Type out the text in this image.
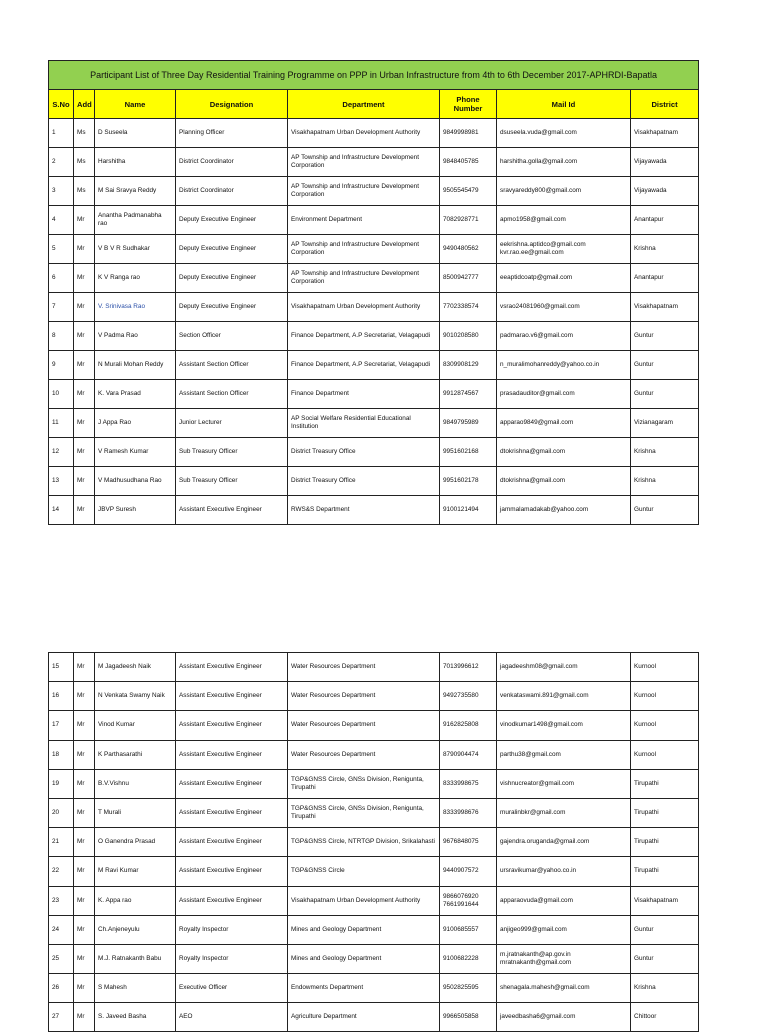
Participant List of Three Day Residential Training Programme on PPP in Urban Infrastructure from 4th to 6th December 2017-APHRDI-Bapatla							
S.No	Add	Name	Designation	Department	Phone Number	Mail Id	District
1	Ms	D Suseela	Planning Officer	Visakhapatnam Urban Development Authority	9849998981	dsuseela.vuda@gmail.com	Visakhapatnam
2	Ms	Harshitha	District Coordinator	AP Township and Infrastructure Development Corporation	9848405785	harshitha.golla@gmail.com	Vijayawada
3	Ms	M Sai Sravya Reddy	District Coordinator	AP Township and Infrastructure Development Corporation	9505545479	sravyareddy800@gmail.com	Vijayawada
4	Mr	Anantha Padmanabha rao	Deputy Executive Engineer	Environment Department	7082928771	apmo1958@gmail.com	Anantapur
5	Mr	V B V R Sudhakar	Deputy Executive Engineer	AP Township and Infrastructure Development Corporation	9490480562	eekrishna.aptidco@gmail.com kvr.rao.ee@gmail.com	Krishna
6	Mr	K V Ranga rao	Deputy Executive Engineer	AP Township and Infrastructure Development Corporation	8500942777	eeaptidcoatp@gmail.com	Anantapur
7	Mr	V. Srinivasa Rao	Deputy Executive Engineer	Visakhapatnam Urban Development Authority	7702338574	vsrao24081960@gmail.com	Visakhapatnam
8	Mr	V Padma Rao	Section Officer	Finance Department, A.P Secretariat, Velagapudi	9010208580	padmarao.v6@gmail.com	Guntur
9	Mr	N Murali Mohan Reddy	Assistant Section Officer	Finance Department, A.P Secretariat, Velagapudi	8309908129	n_muralimohanreddy@yahoo.co.in	Guntur
10	Mr	K. Vara Prasad	Assistant Section Officer	Finance Department	9912874567	prasadauditor@gmail.com	Guntur
11	Mr	J Appa Rao	Junior Lecturer	AP Social Welfare Residential Educational Institution	9849795989	apparao9849@gmail.com	Vizianagaram
12	Mr	V Ramesh Kumar	Sub Treasury Officer	District Treasury Office	9951602168	dtokrishna@gmail.com	Krishna
13	Mr	V Madhusudhana Rao	Sub Treasury Officer	District Treasury Office	9951602178	dtokrishna@gmail.com	Krishna
14	Mr	JBVP Suresh	Assistant Executive Engineer	RWS&S Department	9100121494	jammalamadakab@yahoo.com	Guntur
15	Mr	M Jagadeesh Naik	Assistant Executive Engineer	Water Resources Department	7013996612	jagadeeshm08@gmail.com	Kurnool
16	Mr	N Venkata Swamy Naik	Assistant Executive Engineer	Water Resources Department	9492735580	venkataswami.891@gmail.com	Kurnool
17	Mr	Vinod Kumar	Assistant Executive Engineer	Water Resources Department	9162825808	vinodkumar1498@gmail.com	Kurnool
18	Mr	K Parthasarathi	Assistant Executive Engineer	Water Resources Department	8790904474	parthu38@gmail.com	Kurnool
19	Mr	B.V.Vishnu	Assistant Executive Engineer	TGP&GNSS Circle, GNSs Division, Renigunta, Tirupathi	8333998675	vishnucreator@gmail.com	Tirupathi
20	Mr	T Murali	Assistant Executive Engineer	TGP&GNSS Circle, GNSs Division, Renigunta, Tirupathi	8333998676	muralinbkr@gmail.com	Tirupathi
21	Mr	O Ganendra Prasad	Assistant Executive Engineer	TGP&GNSS Circle, NTRTGP Division, Srikalahasti	9676848075	gajendra.oruganda@gmail.com	Tirupathi
22	Mr	M Ravi Kumar	Assistant Executive Engineer	TGP&GNSS Circle	9440907572	ursravikumar@yahoo.co.in	Tirupathi
23	Mr	K. Appa rao	Assistant Executive Engineer	Visakhapatnam Urban Development Authority	9866076920 7661991644	apparaovuda@gmail.com	Visakhapatnam
24	Mr	Ch.Anjeneyulu	Royalty Inspector	Mines and Geology Department	9100685557	anjigeo999@gmail.com	Guntur
25	Mr	M.J. Ratnakanth Babu	Royalty Inspector	Mines and Geology Department	9100682228	m.jratnakanth@ap.gov.in mratnakanth@gmail.com	Guntur
26	Mr	S Mahesh	Executive Officer	Endowments Department	9502825595	shenagala.mahesh@gmail.com	Krishna
27	Mr	S. Javeed Basha	AEO	Agriculture Department	9966505858	javeedbasha6@gmail.com	Chittoor
